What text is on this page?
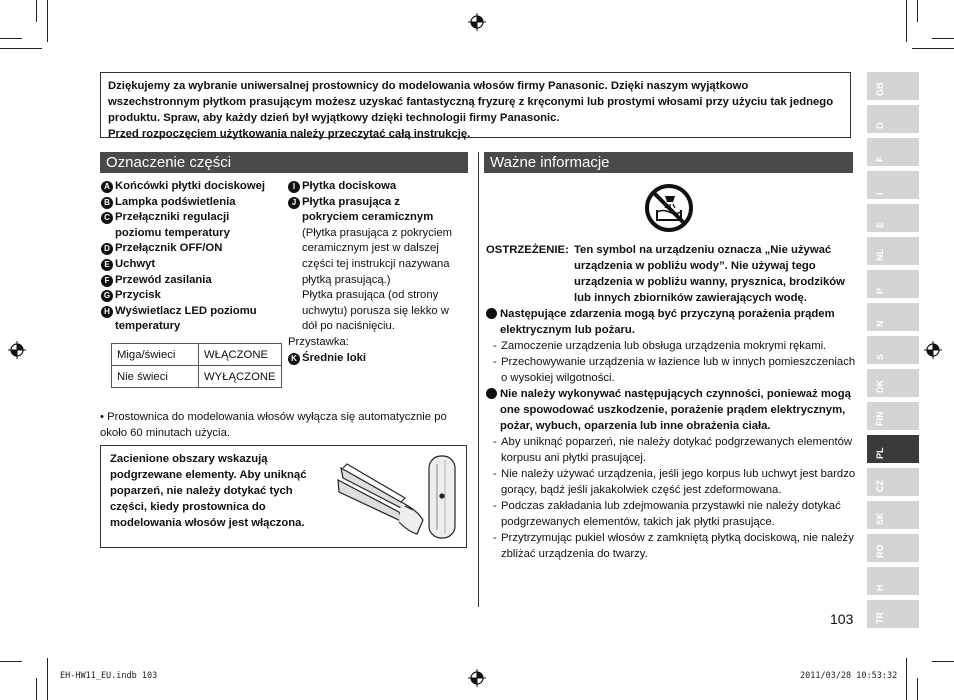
Dziękujemy za wybranie uniwersalnej prostownicy do modelowania włosów firmy Panasonic. Dzięki naszym wyjątkowo wszechstronnym płytkom prasującym możesz uzyskać fantastyczną fryzurę z kręconymi lub prostymi włosami przy użyciu tak jednego produktu. Spraw, aby każdy dzień był wyjątkowy dzięki technologii firmy Panasonic.

Przed rozpoczęciem użytkowania należy przeczytać całą instrukcję.

Oznaczenie części
A Końcówki płytki dociskowej
B Lampka podświetlenia
C Przełączniki regulacji
poziomu temperatury
D Przełącznik OFF/ON
E Uchwyt
F Przewód zasilania
G Przycisk
H Wyświetlacz LED poziomu
temperatury
I Płytka dociskowa
J Płytka prasująca z
pokryciem ceramicznym
(Płytka prasująca z pokryciem
ceramicznym jest w dalszej
części tej instrukcji nazywana
płytką prasującą.)
Płytka prasująca (od strony
uchwytu) porusza się lekko w
dół po naciśnięciu.
Przystawka:
K Średnie loki
Miga/świeci	WŁĄCZONE
Nie świeci	WYŁĄCZONE
• Prostownica do modelowania włosów wyłącza się automatycznie po około 60 minutach użycia.
Zacienione obszary wskazują podgrzewane elementy. Aby uniknąć poparzeń, nie należy dotykać tych części, kiedy prostownica do modelowania włosów jest włączona.
Ważne informacje
OSTRZEŻENIE: Ten symbol na urządzeniu oznacza „Nie używać urządzenia w pobliżu wody”. Nie używaj tego urządzenia w pobliżu wanny, prysznica, brodzików lub innych zbiorników zawierających wodę.
Następujące zdarzenia mogą być przyczyną porażenia prądem elektrycznym lub pożaru.
- Zamoczenie urządzenia lub obsługa urządzenia mokrymi rękami.
- Przechowywanie urządzenia w łazience lub w innych pomieszczeniach o wysokiej wilgotności.
Nie należy wykonywać następujących czynności, ponieważ mogą one spowodować uszkodzenie, porażenie prądem elektrycznym, pożar, wybuch, oparzenia lub inne obrażenia ciała.
- Aby uniknąć poparzeń, nie należy dotykać podgrzewanych elementów korpusu ani płytki prasującej.
- Nie należy używać urządzenia, jeśli jego korpus lub uchwyt jest bardzo gorący, bądź jeśli jakakolwiek część jest zdeformowana.
- Podczas zakładania lub zdejmowania przystawki nie należy dotykać podgrzewanych elementów, takich jak płytki prasujące.
- Przytrzymując pukiel włosów z zamkniętą płytką dociskową, nie należy zbliżać urządzenia do twarzy.
GB
D
F
I
E
NL
P
N
S
DK
FIN
PL
CZ
SK
RO
H
TR
103
EH-HW11_EU.indb 103	2011/03/28 10:53:32
